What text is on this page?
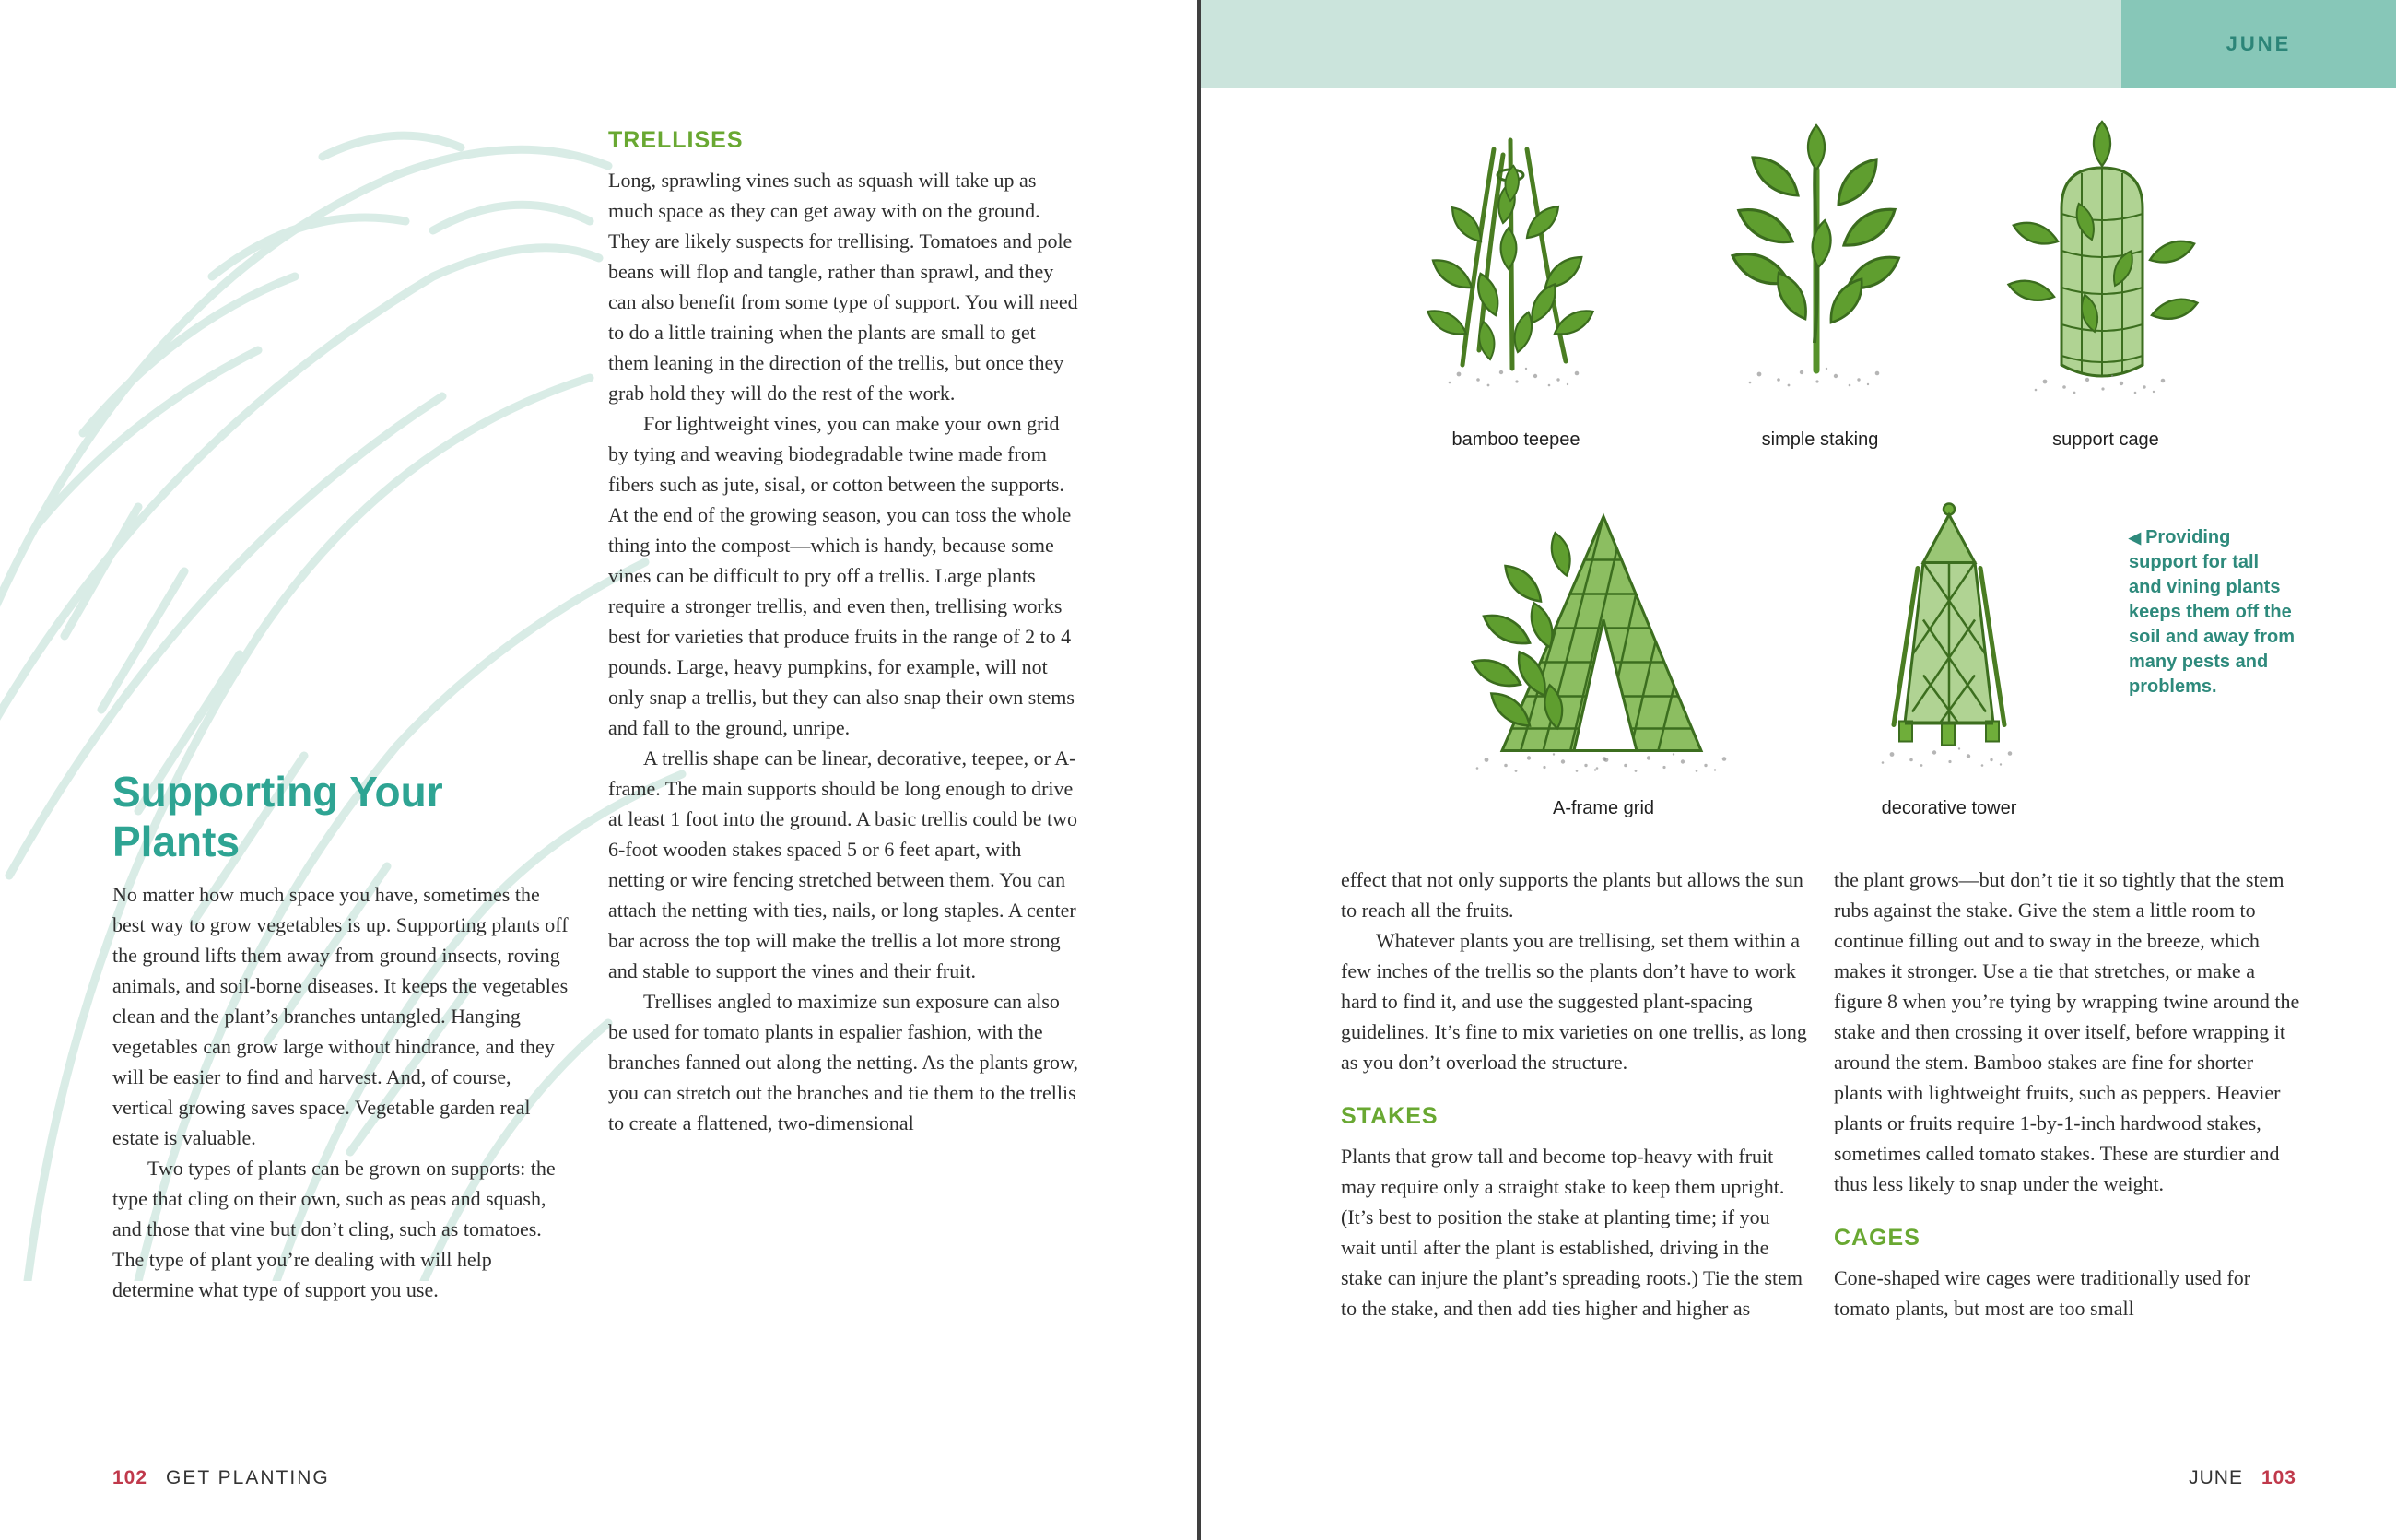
Supporting Your Plants

No matter how much space you have, sometimes the best way to grow vegetables is up. Supporting plants off the ground lifts them away from ground insects, roving animals, and soil-borne diseases. It keeps the vegetables clean and the plant’s branches untangled. Hanging vegetables can grow large without hindrance, and they will be easier to find and harvest. And, of course, vertical growing saves space. Vegetable garden real estate is valuable.

Two types of plants can be grown on supports: the type that cling on their own, such as peas and squash, and those that vine but don’t cling, such as tomatoes. The type of plant you’re dealing with will help determine what type of support you use.

TRELLISES

Long, sprawling vines such as squash will take up as much space as they can get away with on the ground. They are likely suspects for trellising. Tomatoes and pole beans will flop and tangle, rather than sprawl, and they can also benefit from some type of support. You will need to do a little training when the plants are small to get them leaning in the direction of the trellis, but once they grab hold they will do the rest of the work.

For lightweight vines, you can make your own grid by tying and weaving biodegradable twine made from fibers such as jute, sisal, or cotton between the supports. At the end of the growing season, you can toss the whole thing into the compost—which is handy, because some vines can be difficult to pry off a trellis. Large plants require a stronger trellis, and even then, trellising works best for varieties that produce fruits in the range of 2 to 4 pounds. Large, heavy pumpkins, for example, will not only snap a trellis, but they can also snap their own stems and fall to the ground, unripe.

A trellis shape can be linear, decorative, teepee, or A-frame. The main supports should be long enough to drive at least 1 foot into the ground. A basic trellis could be two 6-foot wooden stakes spaced 5 or 6 feet apart, with netting or wire fencing stretched between them. You can attach the netting with ties, nails, or long staples. A center bar across the top will make the trellis a lot more strong and stable to support the vines and their fruit.

Trellises angled to maximize sun exposure can also be used for tomato plants in espalier fashion, with the branches fanned out along the netting. As the plants grow, you can stretch out the branches and tie them to the trellis to create a flattened, two-dimensional

102 GET PLANTING
JUNE
bamboo teepee	simple staking	support cage
A-frame grid	decorative tower
◀ Providing support for tall and vining plants keeps them off the soil and away from many pests and problems.

effect that not only supports the plants but allows the sun to reach all the fruits.

Whatever plants you are trellising, set them within a few inches of the trellis so the plants don’t have to work hard to find it, and use the suggested plant-spacing guidelines. It’s fine to mix varieties on one trellis, as long as you don’t overload the structure.

STAKES

Plants that grow tall and become top-heavy with fruit may require only a straight stake to keep them upright. (It’s best to position the stake at planting time; if you wait until after the plant is established, driving in the stake can injure the plant’s spreading roots.) Tie the stem to the stake, and then add ties higher and higher as

the plant grows—but don’t tie it so tightly that the stem rubs against the stake. Give the stem a little room to continue filling out and to sway in the breeze, which makes it stronger. Use a tie that stretches, or make a figure 8 when you’re tying by wrapping twine around the stake and then crossing it over itself, before wrapping it around the stem. Bamboo stakes are fine for shorter plants with lightweight fruits, such as peppers. Heavier plants or fruits require 1-by-1-inch hardwood stakes, sometimes called tomato stakes. These are sturdier and thus less likely to snap under the weight.

CAGES

Cone-shaped wire cages were traditionally used for tomato plants, but most are too small

JUNE 103
